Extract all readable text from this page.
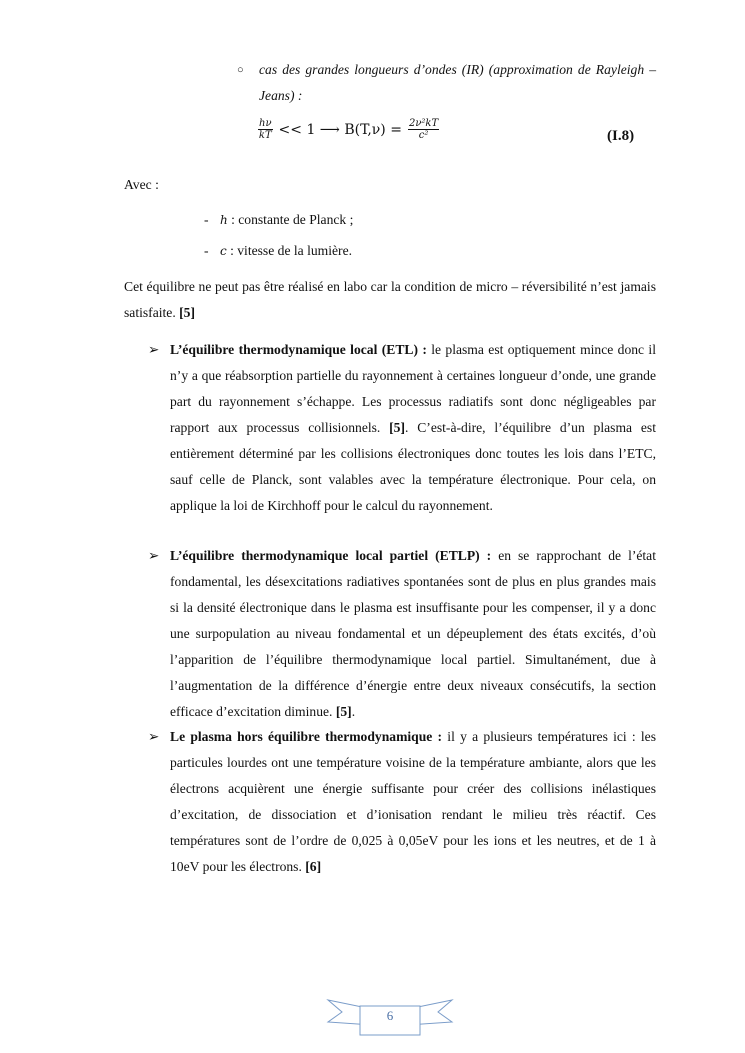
○ cas des grandes longueurs d’ondes (IR) (approximation de Rayleigh – Jeans) :
$\frac{h\nu}{kT} << 1$ ⟶ $B(T,\nu) = \frac{\text{2ν²kT}}{\text{c²}}$	(I.8)
Avec :
- h : constante de Planck ;
- c : vitesse de la lumière.
Cet équilibre ne peut pas être réalisé en labo car la condition de micro – réversibilité n’est jamais satisfaite. [5]
➢ L’équilibre thermodynamique local (ETL) : le plasma est optiquement mince donc il n’y a que réabsorption partielle du rayonnement à certaines longueur d’onde, une grande part du rayonnement s’échappe. Les processus radiatifs sont donc négligeables par rapport aux processus collisionnels. [5]. C’est-à-dire, l’équilibre d’un plasma est entièrement déterminé par les collisions électroniques donc toutes les lois dans l’ETC, sauf celle de Planck, sont valables avec la température électronique. Pour cela, on applique la loi de Kirchhoff pour le calcul du rayonnement.
➢ L’équilibre thermodynamique local partiel (ETLP) : en se rapprochant de l’état fondamental, les désexcitations radiatives spontanées sont de plus en plus grandes mais si la densité électronique dans le plasma est insuffisante pour les compenser, il y a donc une surpopulation au niveau fondamental et un dépeuplement des états excités, d’où l’apparition de l’équilibre thermodynamique local partiel. Simultanément, due à l’augmentation de la différence d’énergie entre deux niveaux consécutifs, la section efficace d’excitation diminue. [5].
➢ Le plasma hors équilibre thermodynamique : il y a plusieurs températures ici : les particules lourdes ont une température voisine de la température ambiante, alors que les électrons acquièrent une énergie suffisante pour créer des collisions inélastiques d’excitation, de dissociation et d’ionisation rendant le milieu très réactif. Ces températures sont de l’ordre de 0,025 à 0,05eV pour les ions et les neutres, et de 1 à 10eV pour les électrons. [6]
6
